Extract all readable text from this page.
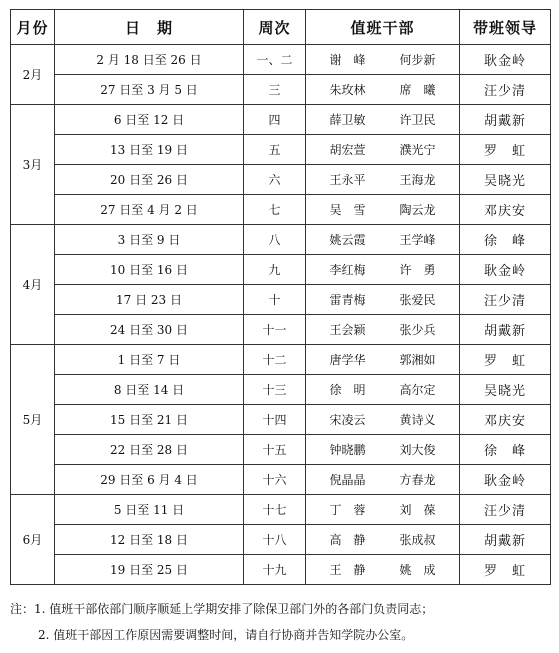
月份	日　期	周次	值班干部	带班领导
2月	2 月 18 日至 26 日	一、二	谢　峰 何步新	耿金岭
	27 日至 3 月 5 日	三	朱玫林 席　曦	汪少清
3月	6 日至 12 日	四	薛卫敏 许卫民	胡戴新
	13 日至 19 日	五	胡宏萱 濮光宁	罗　虹
	20 日至 26 日	六	王永平 王海龙	吴晓光
	27 日至 4 月 2 日	七	吴　雪 陶云龙	邓庆安
4月	3 日至 9 日	八	姚云霞 王学峰	徐　峰
	10 日至 16 日	九	李红梅 许　勇	耿金岭
	17 日 23 日	十	雷青梅 张爱民	汪少清
	24 日至 30 日	十一	王会颖 张少兵	胡戴新
5月	1 日至 7 日	十二	唐学华 郭湘如	罗　虹
	8 日至 14 日	十三	徐　明 高尔定	吴晓光
	15 日至 21 日	十四	宋凌云 黄诗义	邓庆安
	22 日至 28 日	十五	钟晓鹏 刘大俊	徐　峰
	29 日至 6 月 4 日	十六	倪晶晶 方春龙	耿金岭
6月	5 日至 11 日	十七	丁　蓉 刘　葆	汪少清
	12 日至 18 日	十八	高　静 张成叔	胡戴新
	19 日至 25 日	十九	王　静 姚　成	罗　虹
注：1. 值班干部依部门顺序顺延上学期安排了除保卫部门外的各部门负责同志；
2. 值班干部因工作原因需要调整时间，请自行协商并告知学院办公室。
